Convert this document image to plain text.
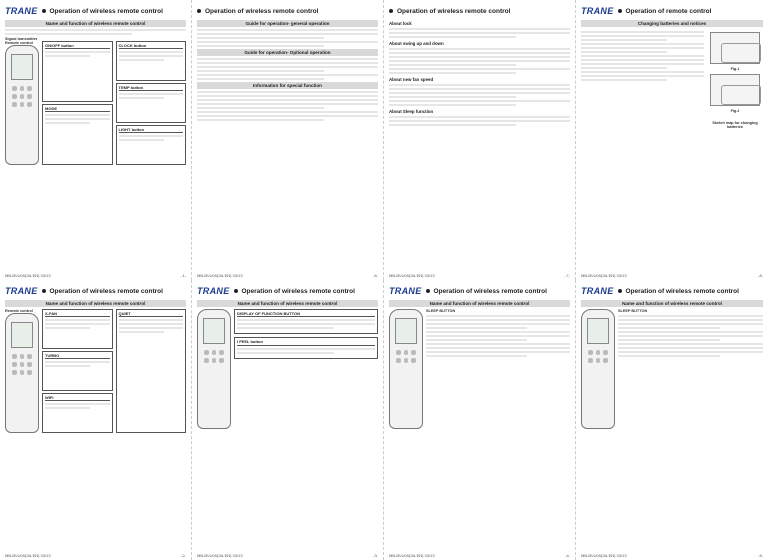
TRANE Operation of wireless remote control
Name and function of wireless remote control
Signal transmitter
Remote control	ON/OFF button
MODE
CLOCK button
TEMP button
LIGHT button
MB-BVU09(3A-EN) 03/13	-1-
Operation of wireless remote control
Guide for operation- general operation
Guide for operation- Optional operation
Information for special function
MB-BVU09(3A-EN) 03/13	-6-
Operation of wireless remote control
About lock
About swing up and down
About new fan speed
About Sleep function
MB-BVU09(3A-EN) 03/13	-7-
TRANE Operation of remote control
Changing batteries and notices
Fig.1
Fig.2
Sketch map for changing batteries
MB-BVU09(3A-EN) 03/13	-8-
TRANE Operation of wireless remote control
Name and function of wireless remote control
Remote control	X-FAN
TURBO
WIFI
QUIET
MB-BVU09(3A-EN) 03/13	-2-
TRANE Operation of wireless remote control
Name and function of wireless remote control
DISPLAY OF FUNCTION BUTTON
I FEEL button
MB-BVU09(3A-EN) 03/13	-3-
TRANE Operation of wireless remote control
Name and function of wireless remote control
SLEEP BUTTON
MB-BVU09(3A-EN) 03/13	-4-
TRANE Operation of wireless remote control
Name and function of wireless remote control
SLEEP BUTTON
MB-BVU09(3A-EN) 03/13	-5-
